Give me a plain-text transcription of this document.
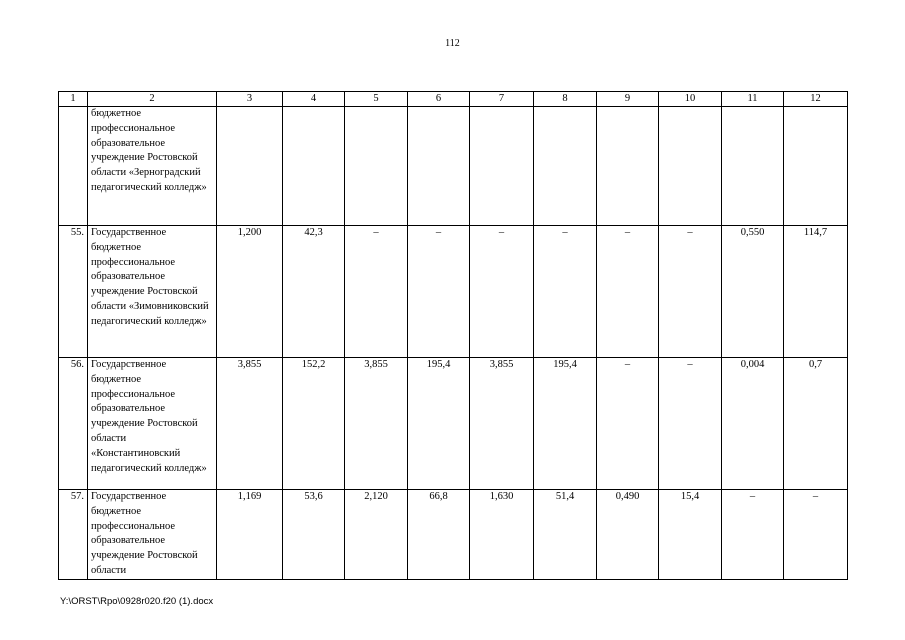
112
1	2	3	4	5	6	7	8	9	10	11	12
	бюджетное профессиональное образовательное учреждение Ростовской области «Зерноградский педагогический колледж»										
55.	Государственное бюджетное профессиональное образовательное учреждение Ростовской области «Зимовниковский педагогический колледж»	1,200	42,3	–	–	–	–	–	–	0,550	114,7
56.	Государственное бюджетное профессиональное образовательное учреждение Ростовской области «Константиновский педагогический колледж»	3,855	152,2	3,855	195,4	3,855	195,4	–	–	0,004	0,7
57.	Государственное бюджетное профессиональное образовательное учреждение Ростовской области	1,169	53,6	2,120	66,8	1,630	51,4	0,490	15,4	–	–
Y:\ORST\Rpo\0928r020.f20 (1).docx
